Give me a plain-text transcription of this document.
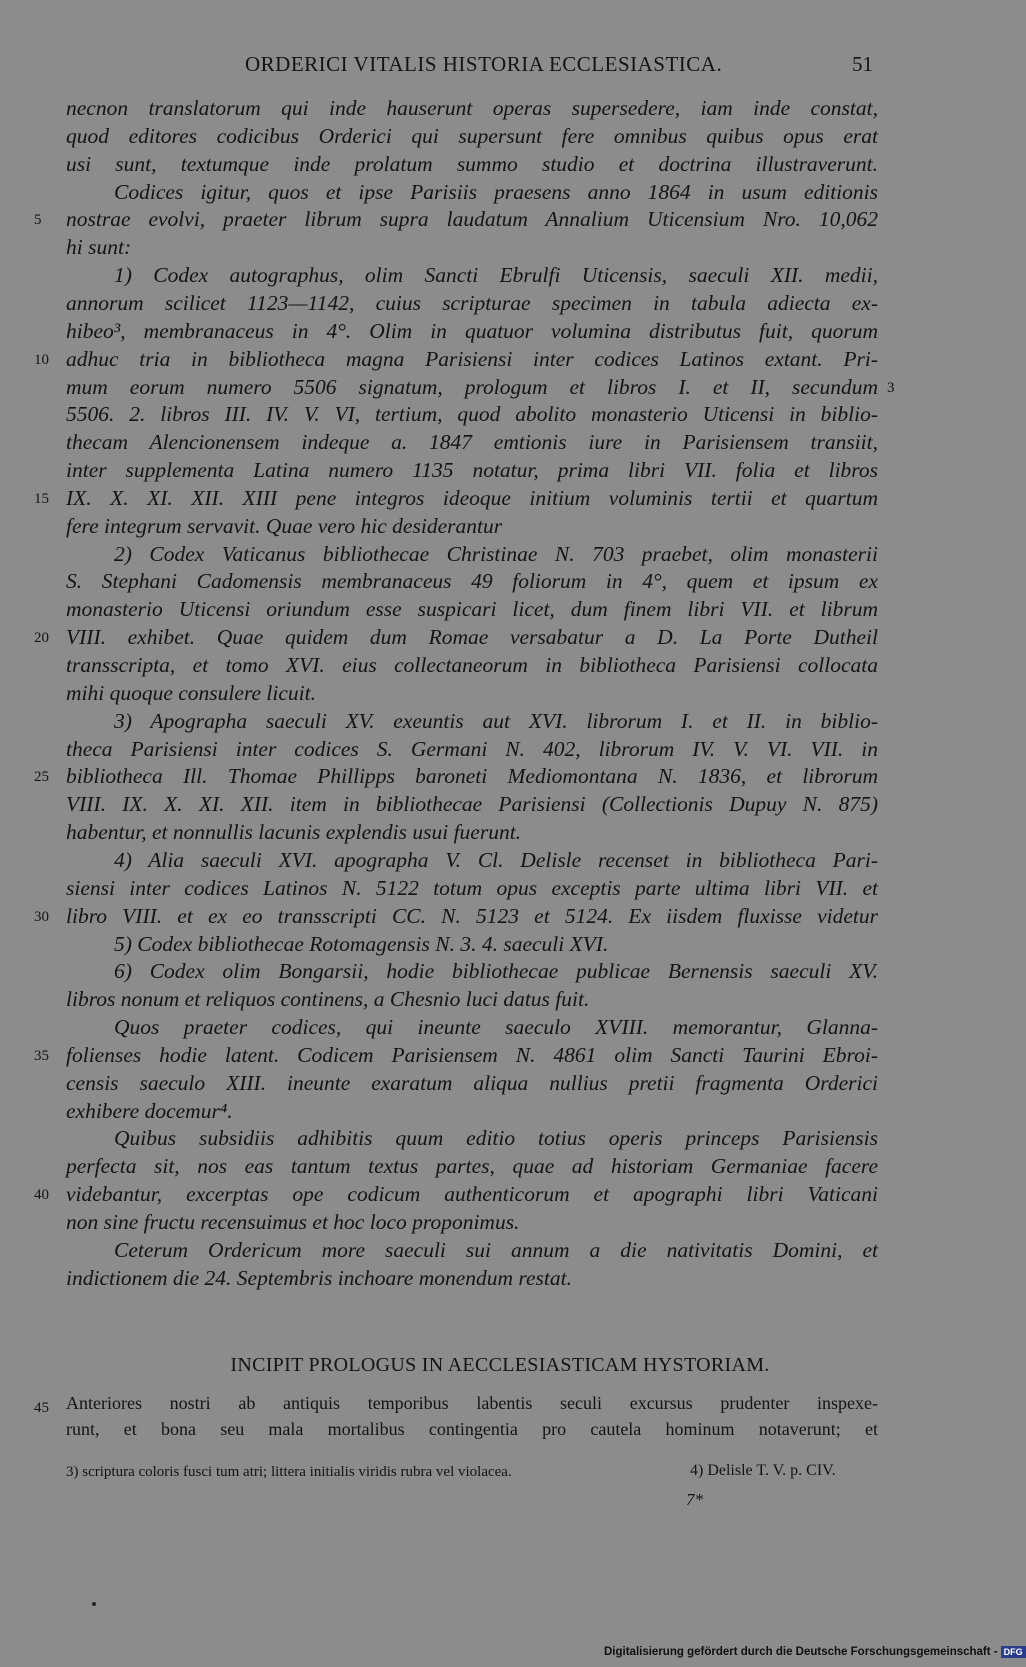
ORDERICI VITALIS HISTORIA ECCLESIASTICA.	51
necnon translatorum qui inde hauserunt operas supersedere, iam inde constat,
quod editores codicibus Orderici qui supersunt fere omnibus quibus opus erat
usi sunt, textumque inde prolatum summo studio et doctrina illustraverunt.
Codices igitur, quos et ipse Parisiis praesens anno 1864 in usum editionis
nostrae evolvi, praeter librum supra laudatum Annalium Uticensium Nro. 10,062
hi sunt:
1) Codex autographus, olim Sancti Ebrulfi Uticensis, saeculi XII. medii,
annorum scilicet 1123—1142, cuius scripturae specimen in tabula adiecta ex-
hibeo³, membranaceus in 4°. Olim in quatuor volumina distributus fuit, quorum
adhuc tria in bibliotheca magna Parisiensi inter codices Latinos extant. Pri-
mum eorum numero 5506 signatum, prologum et libros I. et II, secundum
5506. 2. libros III. IV. V. VI, tertium, quod abolito monasterio Uticensi in biblio-
thecam Alencionensem indeque a. 1847 emtionis iure in Parisiensem transiit,
inter supplementa Latina numero 1135 notatur, prima libri VII. folia et libros
IX. X. XI. XII. XIII pene integros ideoque initium voluminis tertii et quartum
fere integrum servavit. Quae vero hic desiderantur
2) Codex Vaticanus bibliothecae Christinae N. 703 praebet, olim monasterii
S. Stephani Cadomensis membranaceus 49 foliorum in 4°, quem et ipsum ex
monasterio Uticensi oriundum esse suspicari licet, dum finem libri VII. et librum
VIII. exhibet. Quae quidem dum Romae versabatur a D. La Porte Dutheil
transscripta, et tomo XVI. eius collectaneorum in bibliotheca Parisiensi collocata
mihi quoque consulere licuit.
3) Apographa saeculi XV. exeuntis aut XVI. librorum I. et II. in biblio-
theca Parisiensi inter codices S. Germani N. 402, librorum IV. V. VI. VII. in
bibliotheca Ill. Thomae Phillipps baroneti Mediomontana N. 1836, et librorum
VIII. IX. X. XI. XII. item in bibliothecae Parisiensi (Collectionis Dupuy N. 875)
habentur, et nonnullis lacunis explendis usui fuerunt.
4) Alia saeculi XVI. apographa V. Cl. Delisle recenset in bibliotheca Pari-
siensi inter codices Latinos N. 5122 totum opus exceptis parte ultima libri VII. et
libro VIII. et ex eo transscripti CC. N. 5123 et 5124. Ex iisdem fluxisse videtur
5) Codex bibliothecae Rotomagensis N. 3. 4. saeculi XVI.
6) Codex olim Bongarsii, hodie bibliothecae publicae Bernensis saeculi XV.
libros nonum et reliquos continens, a Chesnio luci datus fuit.
Quos praeter codices, qui ineunte saeculo XVIII. memorantur, Glanna-
folienses hodie latent. Codicem Parisiensem N. 4861 olim Sancti Taurini Ebroi-
censis saeculo XIII. ineunte exaratum aliqua nullius pretii fragmenta Orderici
exhibere docemur⁴.
Quibus subsidiis adhibitis quum editio totius operis princeps Parisiensis
perfecta sit, nos eas tantum textus partes, quae ad historiam Germaniae facere
videbantur, excerptas ope codicum authenticorum et apographi libri Vaticani
non sine fructu recensuimus et hoc loco proponimus.
Ceterum Ordericum more saeculi sui annum a die nativitatis Domini, et
indictionem die 24. Septembris inchoare monendum restat.
5
10
15
20
25
30
35
40
3
INCIPIT PROLOGUS IN AECCLESIASTICAM HYSTORIAM.
45 Anteriores nostri ab antiquis temporibus labentis seculi excursus prudenter inspexe-
runt, et bona seu mala mortalibus contingentia pro cautela hominum notaverunt; et
3) scriptura coloris fusci tum atri; littera initialis viridis rubra vel violacea.	4) Delisle T. V. p. CIV.
7*
Digitalisierung gefördert durch die Deutsche Forschungsgemeinschaft - DFG
